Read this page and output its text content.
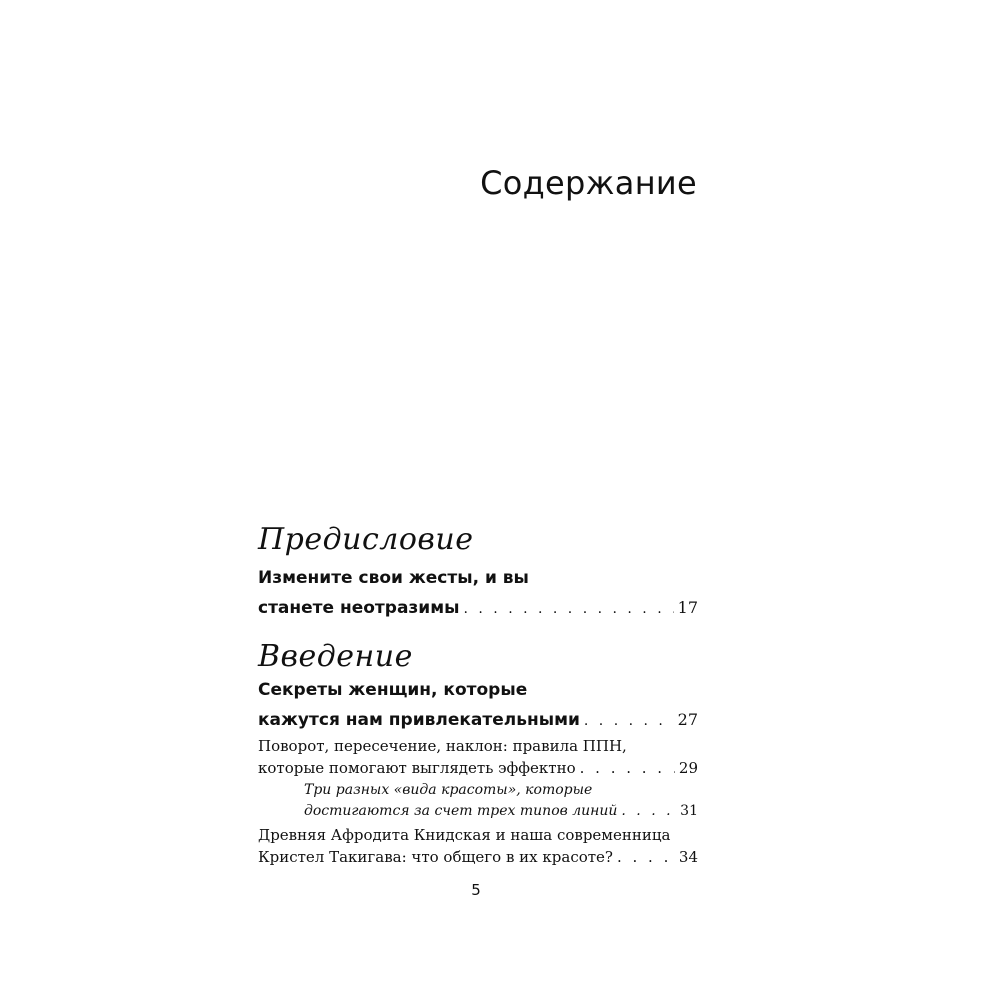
Содержание
Предисловие
Измените свои жесты, и вы
станете неотразимы . . .	17
Введение
Секреты женщин, которые
кажутся нам привлекательными . . .	27
Поворот, пересечение, наклон: правила ППН,
которые помогают выглядеть эффектно . . .	29
Три разных «вида красоты», которые
достигаются за счет трех типов линий . . .	31
Древняя Афродита Книдская и наша современница
Кристел Такигава: что общего в их красоте? . . .	34
5
